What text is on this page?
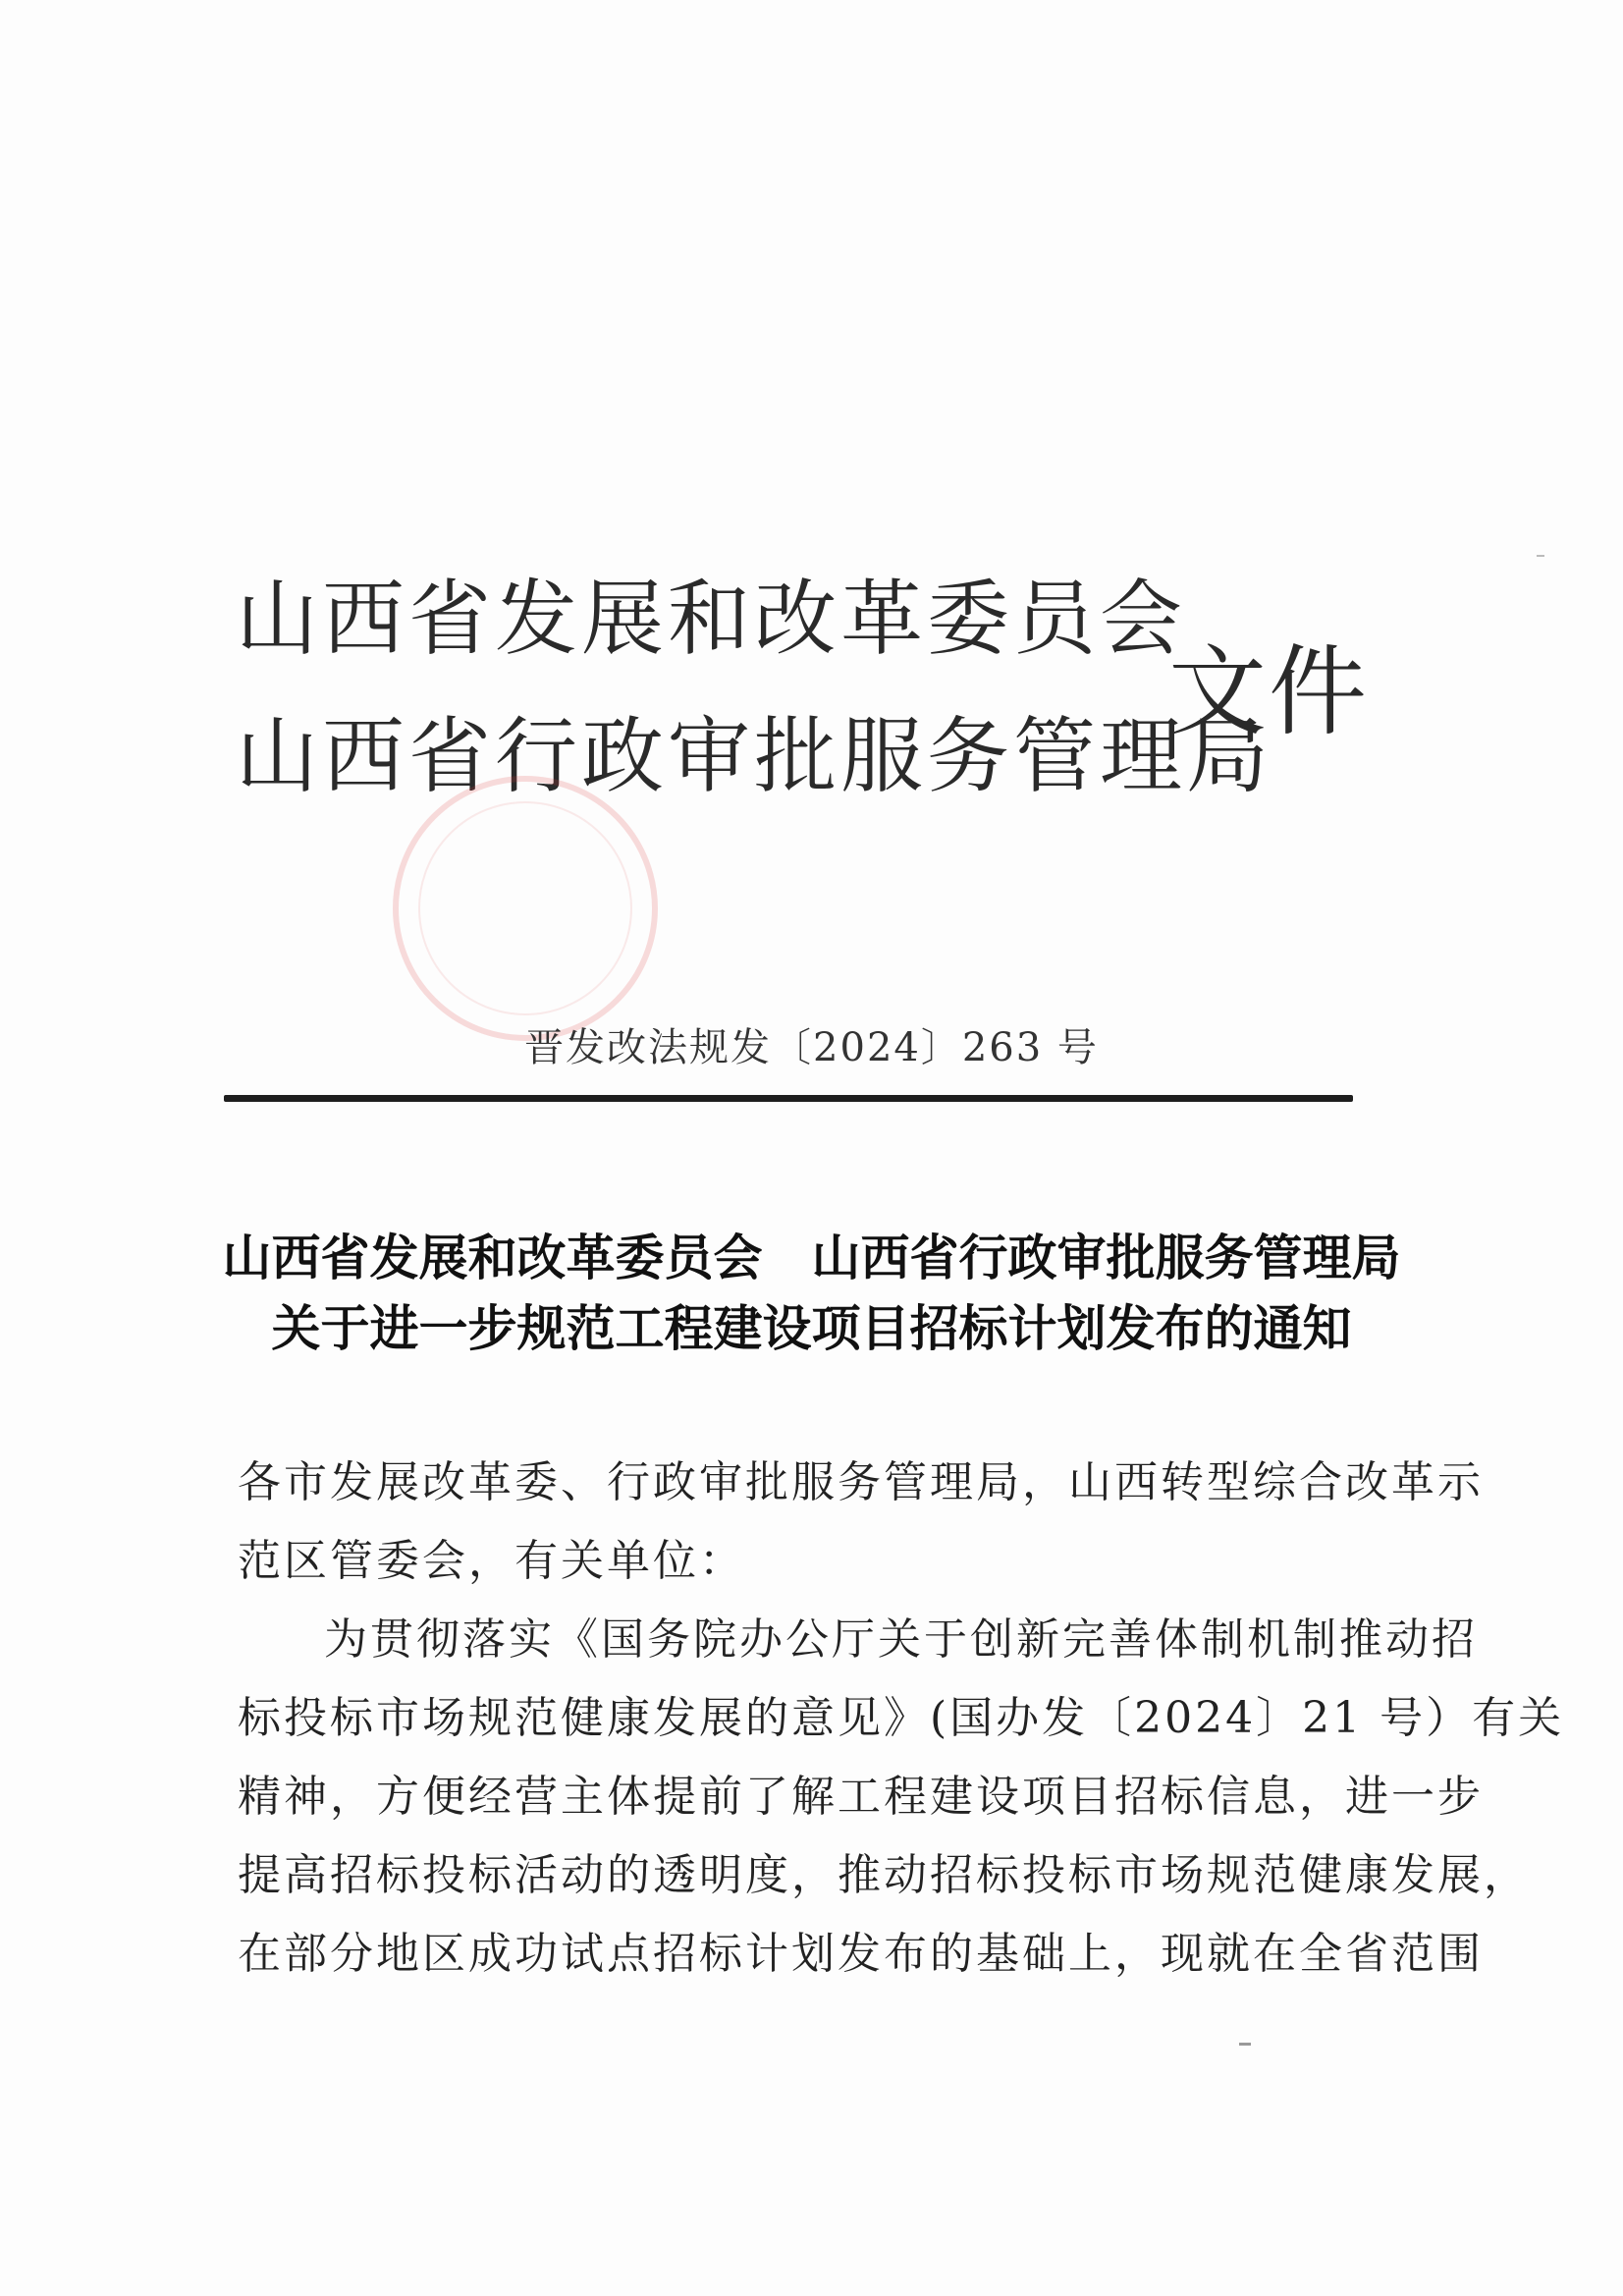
山西省发展和改革委员会
山西省行政审批服务管理局
文件
晋发改法规发〔2024〕263 号
山西省发展和改革委员会　山西省行政审批服务管理局
关于进一步规范工程建设项目招标计划发布的通知

各市发展改革委、行政审批服务管理局，山西转型综合改革示

范区管委会，有关单位：

为贯彻落实《国务院办公厅关于创新完善体制机制推动招

标投标市场规范健康发展的意见》(国办发〔2024〕21 号）有关

精神，方便经营主体提前了解工程建设项目招标信息，进一步

提高招标投标活动的透明度，推动招标投标市场规范健康发展，

在部分地区成功试点招标计划发布的基础上，现就在全省范围
